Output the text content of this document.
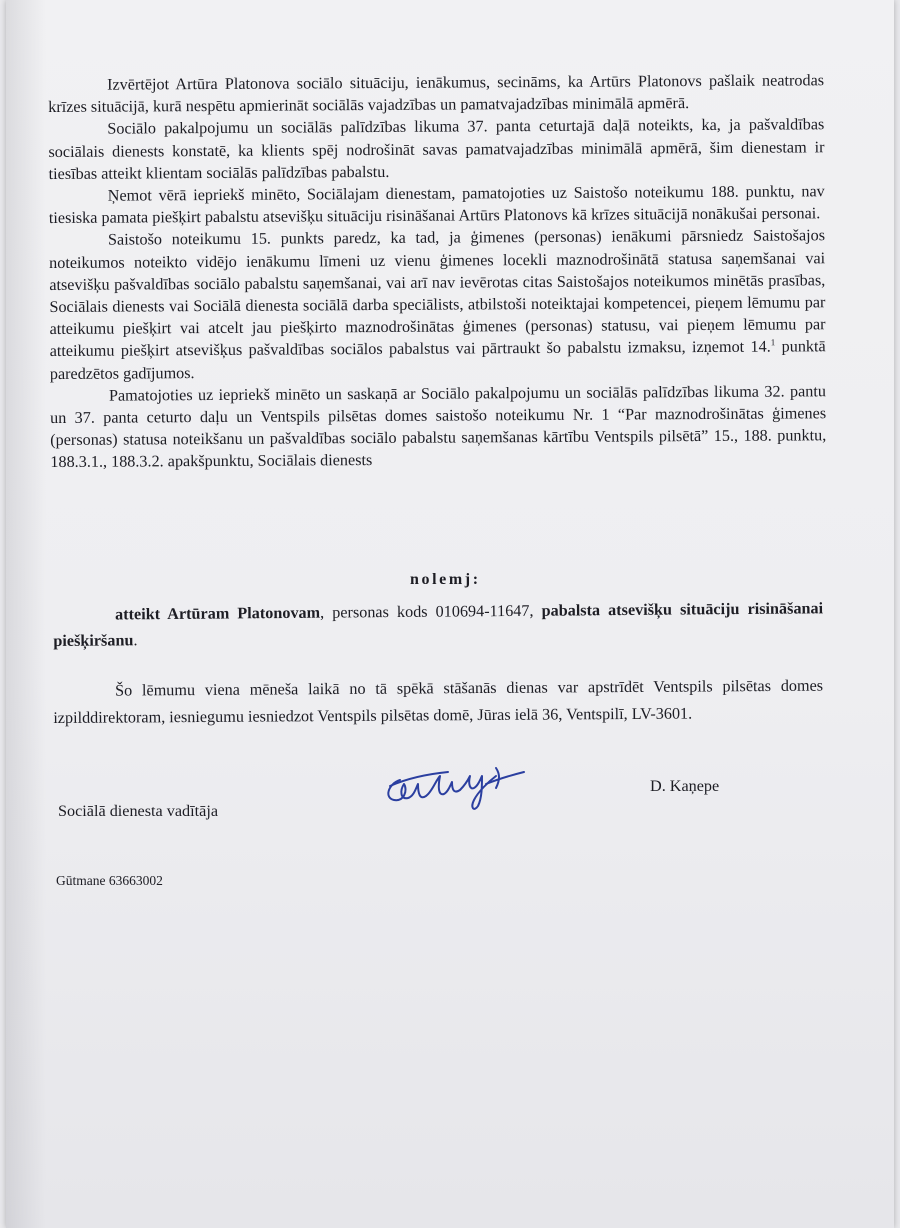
Izvērtējot Artūra Platonova sociālo situāciju, ienākumus, secināms, ka Artūrs Platonovs pašlaik neatrodas krīzes situācijā, kurā nespētu apmierināt sociālās vajadzības un pamatvajadzības minimālā apmērā.

Sociālo pakalpojumu un sociālās palīdzības likuma 37. panta ceturtajā daļā noteikts, ka, ja pašvaldības sociālais dienests konstatē, ka klients spēj nodrošināt savas pamatvajadzības minimālā apmērā, šim dienestam ir tiesības atteikt klientam sociālās palīdzības pabalstu.

Ņemot vērā iepriekš minēto, Sociālajam dienestam, pamatojoties uz Saistošo noteikumu 188. punktu, nav tiesiska pamata piešķirt pabalstu atsevišķu situāciju risināšanai Artūrs Platonovs kā krīzes situācijā nonākušai personai.

Saistošo noteikumu 15. punkts paredz, ka tad, ja ģimenes (personas) ienākumi pārsniedz Saistošajos noteikumos noteikto vidējo ienākumu līmeni uz vienu ģimenes locekli maznodrošinātā statusa saņemšanai vai atsevišķu pašvaldības sociālo pabalstu saņemšanai, vai arī nav ievērotas citas Saistošajos noteikumos minētās prasības, Sociālais dienests vai Sociālā dienesta sociālā darba speciālists, atbilstoši noteiktajai kompetencei, pieņem lēmumu par atteikumu piešķirt vai atcelt jau piešķirto maznodrošinātas ģimenes (personas) statusu, vai pieņem lēmumu par atteikumu piešķirt atsevišķus pašvaldības sociālos pabalstus vai pārtraukt šo pabalstu izmaksu, izņemot 14.$^1$ punktā paredzētos gadījumos.

Pamatojoties uz iepriekš minēto un saskaņā ar Sociālo pakalpojumu un sociālās palīdzības likuma 32. pantu un 37. panta ceturto daļu un Ventspils pilsētas domes saistošo noteikumu Nr. 1 “Par maznodrošinātas ģimenes (personas) statusa noteikšanu un pašvaldības sociālo pabalstu saņemšanas kārtību Ventspils pilsētā” 15., 188. punktu, 188.3.1., 188.3.2. apakšpunktu, Sociālais dienests

nolemj:

atteikt Artūram Platonovam, personas kods 010694-11647, pabalsta atsevišķu situāciju risināšanai piešķiršanu.

Šo lēmumu viena mēneša laikā no tā spēkā stāšanās dienas var apstrīdēt Ventspils pilsētas domes izpilddirektoram, iesniegumu iesniedzot Ventspils pilsētas domē, Jūras ielā 36, Ventspilī, LV-3601.

D. Kaņepe
Sociālā dienesta vadītāja
Gūtmane 63663002
